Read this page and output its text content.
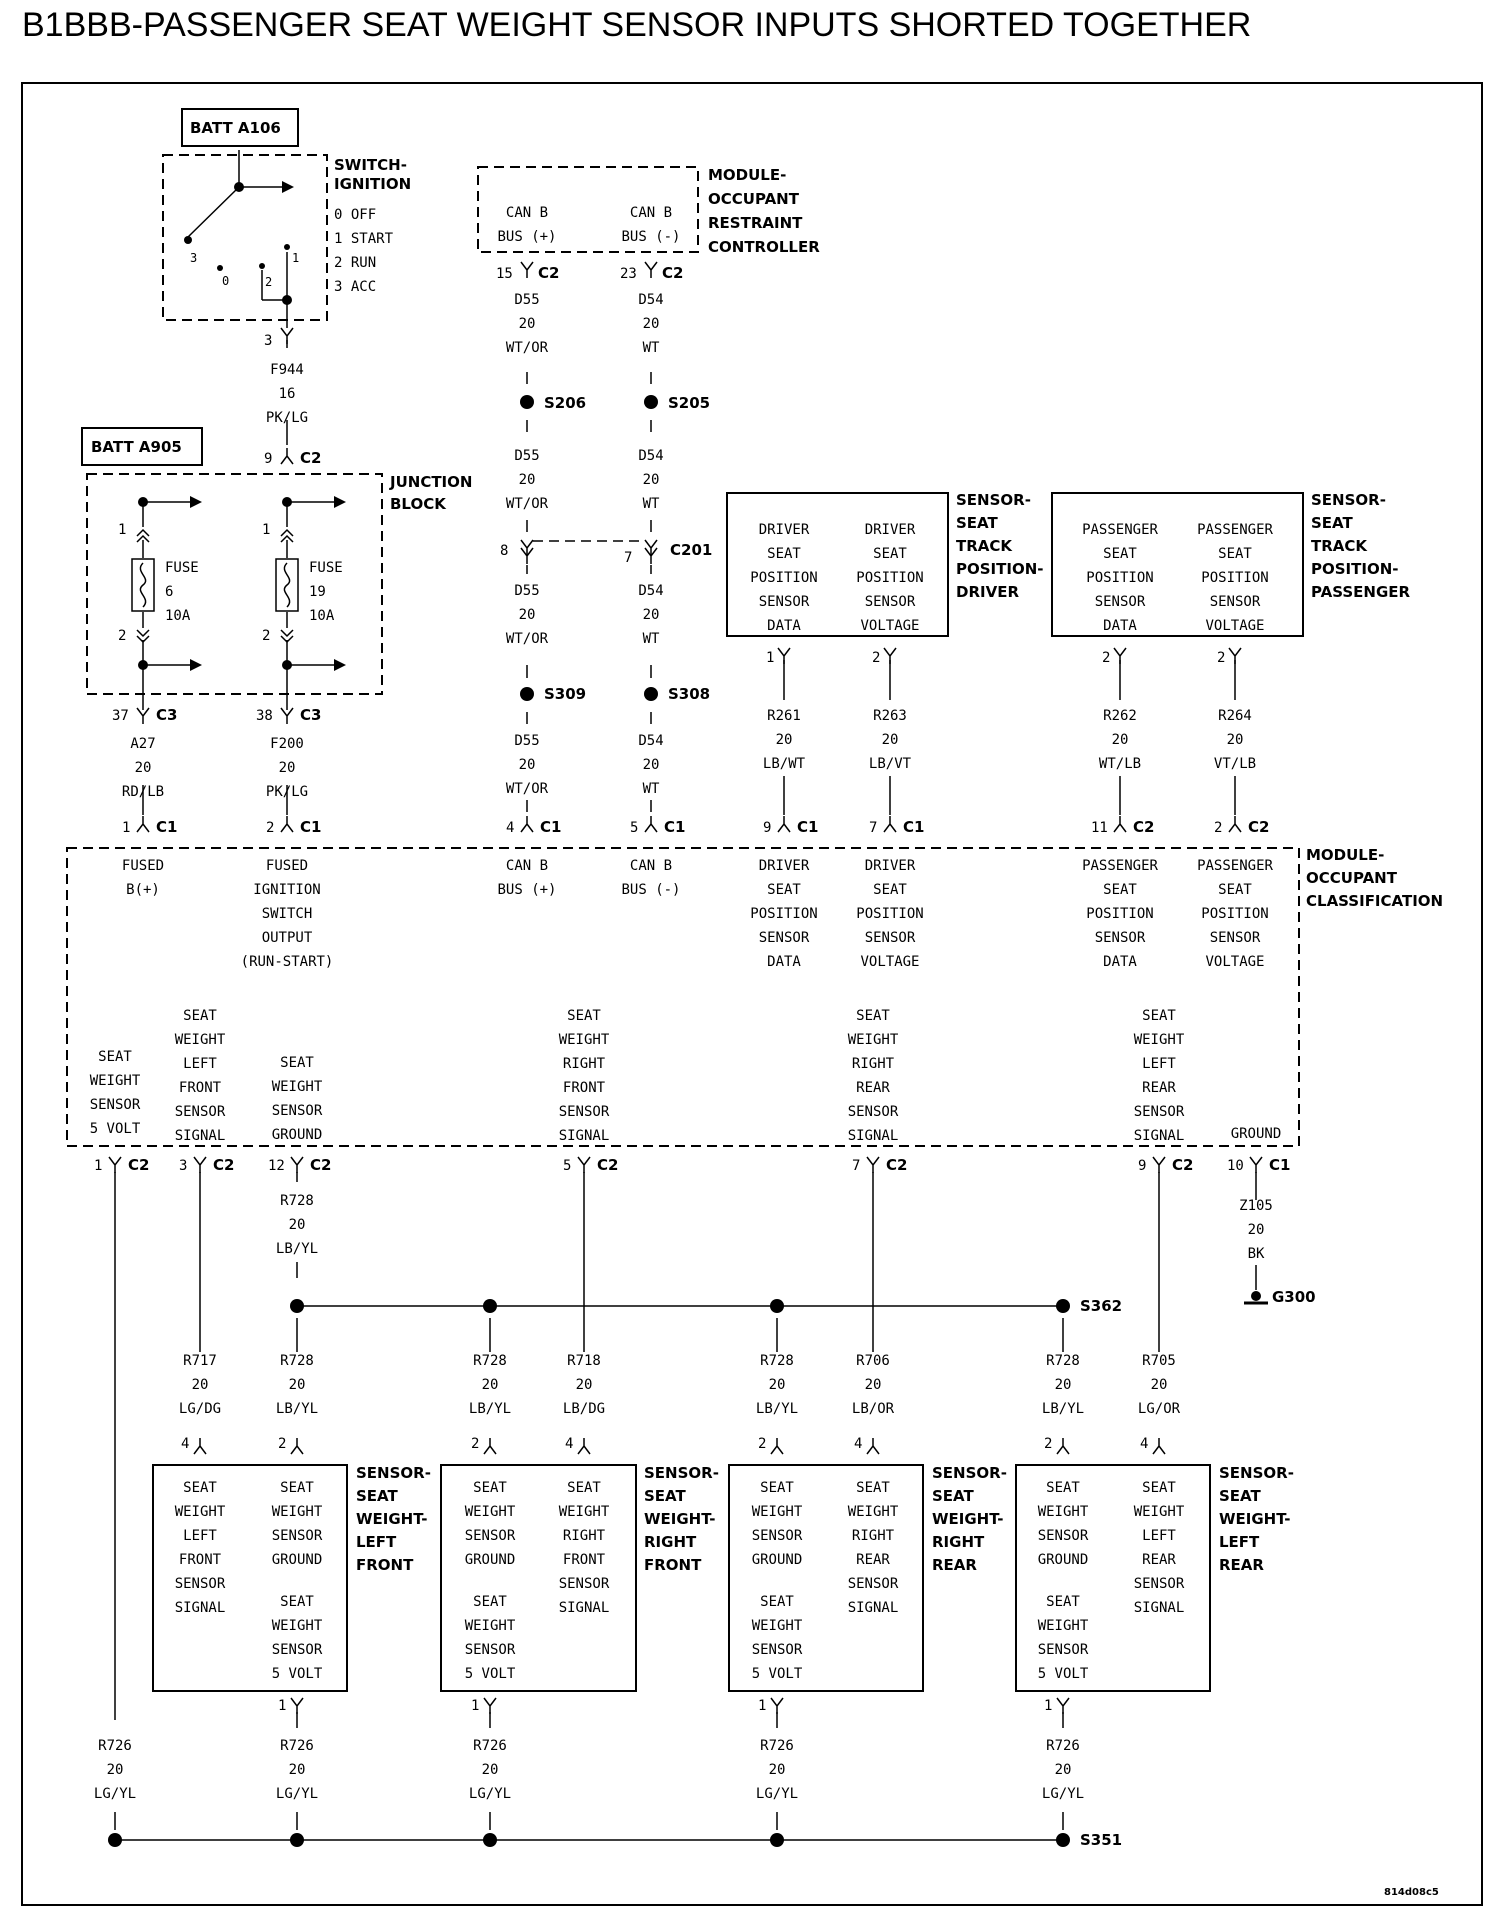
B1BBB-PASSENGER SEAT WEIGHT SENSOR INPUTS SHORTED TOGETHER
BATT A106
SWITCH-IGNITION
0 OFF 1 START 2 RUN 3 ACC
3
0	2
1
BATT A905
JUNCTION BLOCK
FUSE 6 10A
FUSE 19 10A
1	1
2	2
MODULE-OCCUPANT RESTRAINT CONTROLLER
CAN B BUS (+)
CAN B BUS (-)
SENSOR-SEAT TRACK POSITION-DRIVER
DRIVER SEAT POSITION SENSOR DATA
DRIVER SEAT POSITION SENSOR VOLTAGE
SENSOR-SEAT TRACK POSITION-PASSENGER
PASSENGER SEAT POSITION SENSOR DATA
PASSENGER SEAT POSITION SENSOR VOLTAGE
MODULE-OCCUPANT CLASSIFICATION
FUSED B(+)
FUSED IGNITION SWITCH OUTPUT (RUN-START)
CAN B BUS (+)
CAN B BUS (-)
DRIVER SEAT POSITION SENSOR DATA
DRIVER SEAT POSITION SENSOR VOLTAGE
PASSENGER SEAT POSITION SENSOR DATA
PASSENGER SEAT POSITION SENSOR VOLTAGE
SEAT WEIGHT SENSOR 5 VOLT
SEAT WEIGHT LEFT FRONT SENSOR SIGNAL
SEAT WEIGHT SENSOR GROUND
SEAT WEIGHT RIGHT FRONT SENSOR SIGNAL
SEAT WEIGHT RIGHT REAR SENSOR SIGNAL
SEAT WEIGHT LEFT REAR SENSOR SIGNAL	GROUND
SENSOR-SEAT WEIGHT-LEFT FRONT
SEAT WEIGHT LEFT FRONT SENSOR SIGNAL
SEAT WEIGHT SENSOR GROUND
SEAT WEIGHT SENSOR 5 VOLT
SENSOR-SEAT WEIGHT-RIGHT FRONT
SEAT WEIGHT SENSOR GROUND
SEAT WEIGHT RIGHT FRONT SENSOR SIGNAL
SEAT WEIGHT SENSOR 5 VOLT
SENSOR-SEAT WEIGHT-RIGHT REAR
SEAT WEIGHT SENSOR GROUND
SEAT WEIGHT RIGHT REAR SENSOR SIGNAL
SEAT WEIGHT SENSOR 5 VOLT
SENSOR-SEAT WEIGHT-LEFT REAR
SEAT WEIGHT SENSOR GROUND
SEAT WEIGHT LEFT REAR SENSOR SIGNAL
SEAT WEIGHT SENSOR 5 VOLT
S206	S205
S309	S308
S362
S351
G300
3
9 C2
15 C2	23 C2
8	7	C201
37 C3	38 C3
1 C1	2 C1	4 C1	5 C1	9 C1	7 C1	11 C2	2 C2
1	2	2	2
1 C2 3 C2 12 C2	5 C2	7 C2	9 C2 10 C1
4	2	2	4	2	4	2	4
1	1	1	1
F944 16 PK/LG
D55 20 WT/OR
D54 20 WT
D55 20 WT/OR
D54 20 WT
D55 20 WT/OR
D54 20 WT
D55 20 WT/OR
D54 20 WT
A27 20 RD/LB
F200 20 PK/LG
R261 20 LB/WT
R263 20 LB/VT
R262 20 WT/LB
R264 20 VT/LB
R728 20 LB/YL
Z105 20 BK
R717 20 LG/DG
R728 20 LB/YL
R728 20 LB/YL
R718 20 LB/DG
R728 20 LB/YL
R706 20 LB/OR
R728 20 LB/YL
R705 20 LG/OR
R726 20 LG/YL
R726 20 LG/YL
R726 20 LG/YL
R726 20 LG/YL
R726 20 LG/YL
814d08c5
